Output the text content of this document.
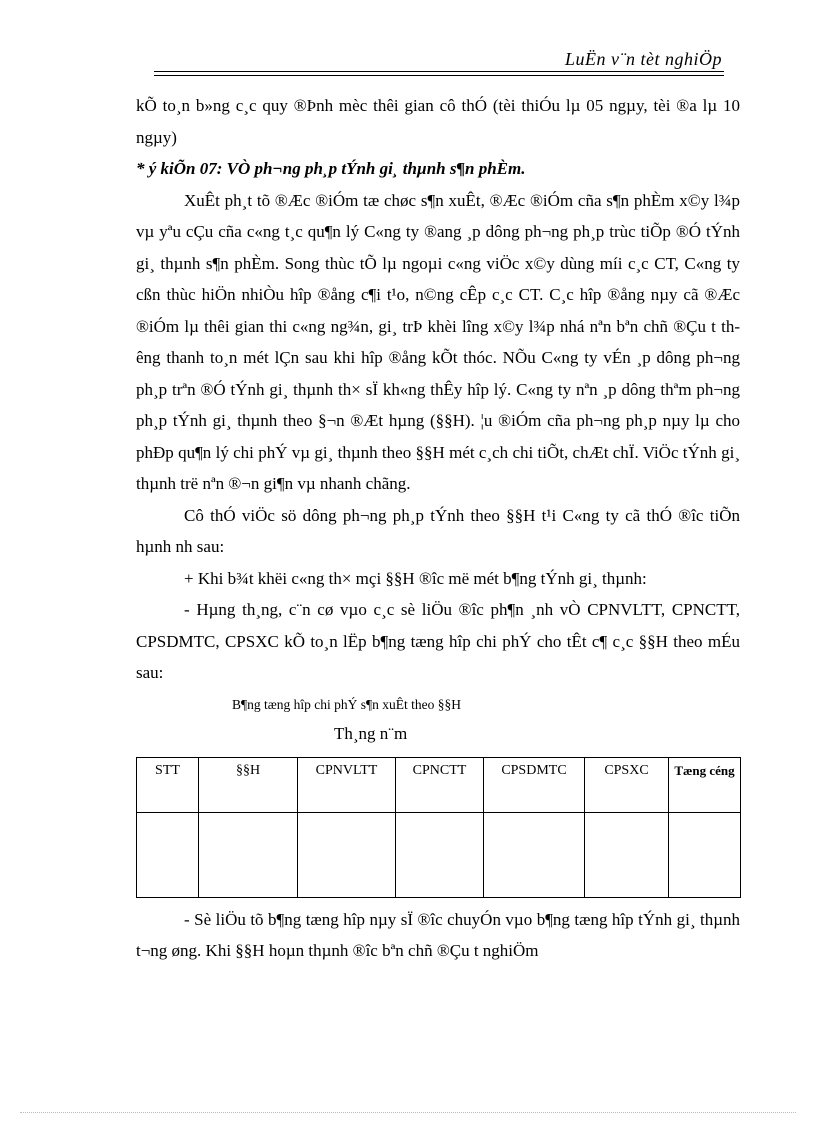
LuËn v¨n tèt nghiÖp

kÕ to¸n b»ng c¸c quy ®Þnh mèc thêi gian cô thÓ (tèi thiÓu lµ 05 ngµy, tèi ®a lµ 10 ngµy)

* ý kiÕn 07: VÒ ph¬ng ph¸p tÝnh gi¸ thµnh s¶n phÈm.

XuÊt ph¸t tõ ®Æc ®iÓm tæ chøc s¶n xuÊt, ®Æc ®iÓm cña s¶n phÈm x©y l¾p vµ yªu cÇu cña c«ng t¸c qu¶n lý C«ng ty ®ang ¸p dông ph¬ng ph¸p trùc tiÕp ®Ó tÝnh gi¸ thµnh s¶n phÈm. Song thùc tÕ lµ ngoµi c«ng viÖc x©y dùng míi c¸c CT, C«ng ty cßn thùc hiÖn nhiÒu hîp ®ång c¶i t¹o, n©ng cÊp c¸c CT. C¸c hîp ®ång nµy cã ®Æc ®iÓm lµ thêi gian thi c«ng ng¾n, gi¸ trÞ khèi lîng x©y l¾p nhá nªn bªn chñ ®Çu t thêng thanh to¸n mét lÇn sau khi hîp ®ång kÕt thóc. NÕu C«ng ty vÉn ¸p dông ph¬ng ph¸p trªn ®Ó tÝnh gi¸ thµnh th× sÏ kh«ng thÊy hîp lý. C«ng ty nªn ¸p dông thªm ph¬ng ph¸p tÝnh gi¸ thµnh theo §¬n ®Æt hµng (§§H). ¦u ®iÓm cña ph¬ng ph¸p nµy lµ cho phÐp qu¶n lý chi phÝ vµ gi¸ thµnh theo §§H mét c¸ch chi tiÕt, chÆt chÏ. ViÖc tÝnh gi¸ thµnh trë nªn ®¬n gi¶n vµ nhanh chãng.

Cô thÓ viÖc sö dông ph¬ng ph¸p tÝnh theo §§H t¹i C«ng ty cã thÓ ®îc tiÕn hµnh nh sau:

+ Khi b¾t khëi c«ng th× mçi §§H ®îc më mét b¶ng tÝnh gi¸ thµnh:

- Hµng th¸ng, c¨n cø vµo c¸c sè liÖu ®îc ph¶n ¸nh vÒ CPNVLTT, CPNCTT, CPSDMTC, CPSXC kÕ to¸n lËp b¶ng tæng hîp chi phÝ cho tÊt c¶ c¸c §§H theo mÉu sau:

B¶ng tæng hîp chi phÝ s¶n xuÊt theo §§H

Th¸ng n¨m

STT	§§H	CPNVLTT	CPNCTT	CPSDMTC	CPSXC	Tæng céng

- Sè liÖu tõ b¶ng tæng hîp nµy sÏ ®îc chuyÓn vµo b¶ng tæng hîp tÝnh gi¸ thµnh t¬ng øng. Khi §§H hoµn thµnh ®îc bªn chñ ®Çu t nghiÖm
